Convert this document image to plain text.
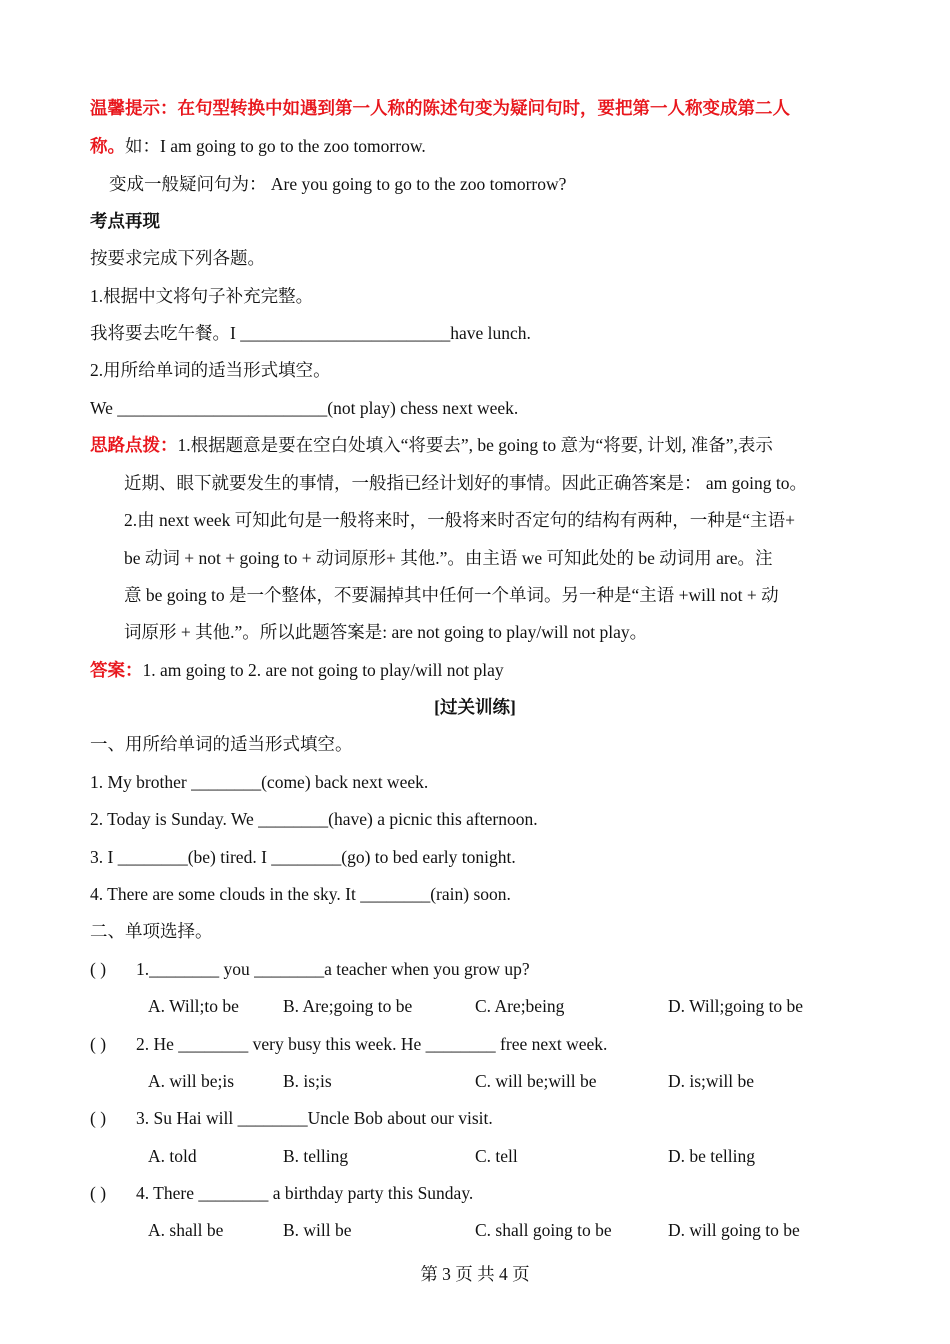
温馨提示：在句型转换中如遇到第一人称的陈述句变为疑问句时，要把第一人称变成第二人
称。如：I am going to go to the zoo tomorrow.
变成一般疑问句为： Are you going to go to the zoo tomorrow?
考点再现
按要求完成下列各题。
1.根据中文将句子补充完整。
我将要去吃午餐。I ________________________have lunch.
2.用所给单词的适当形式填空。
We ________________________(not play) chess next week.
思路点拨：1.根据题意是要在空白处填入“将要去”, be going to 意为“将要, 计划, 准备”,表示
近期、眼下就要发生的事情，一般指已经计划好的事情。因此正确答案是： am going to。
2.由 next week 可知此句是一般将来时，一般将来时否定句的结构有两种，一种是“主语+
be 动词 + not + going to + 动词原形+ 其他.”。由主语 we 可知此处的 be 动词用 are。注
意 be going to 是一个整体，不要漏掉其中任何一个单词。另一种是“主语 +will not + 动
词原形 + 其他.”。所以此题答案是: are not going to play/will not play。
答案：1. am going to 2. are not going to play/will not play
[过关训练]
一、用所给单词的适当形式填空。
1. My brother ________(come) back next week.
2. Today is Sunday. We ________(have) a picnic this afternoon.
3. I ________(be) tired. I ________(go) to bed early tonight.
4. There are some clouds in the sky. It ________(rain) soon.
二、单项选择。
( ) 1.________ you ________a teacher when you grow up?
A. Will;to be	B. Are;going to be	C. Are;being	D. Will;going to be
( ) 2. He ________ very busy this week. He ________ free next week.
A. will be;is	B. is;is	C. will be;will be	D. is;will be
( ) 3. Su Hai will ________Uncle Bob about our visit.
A. told	B. telling	C. tell	D. be telling
( ) 4. There ________ a birthday party this Sunday.
A. shall be	B. will be	C. shall going to be	D. will going to be
第 3 页 共 4 页
